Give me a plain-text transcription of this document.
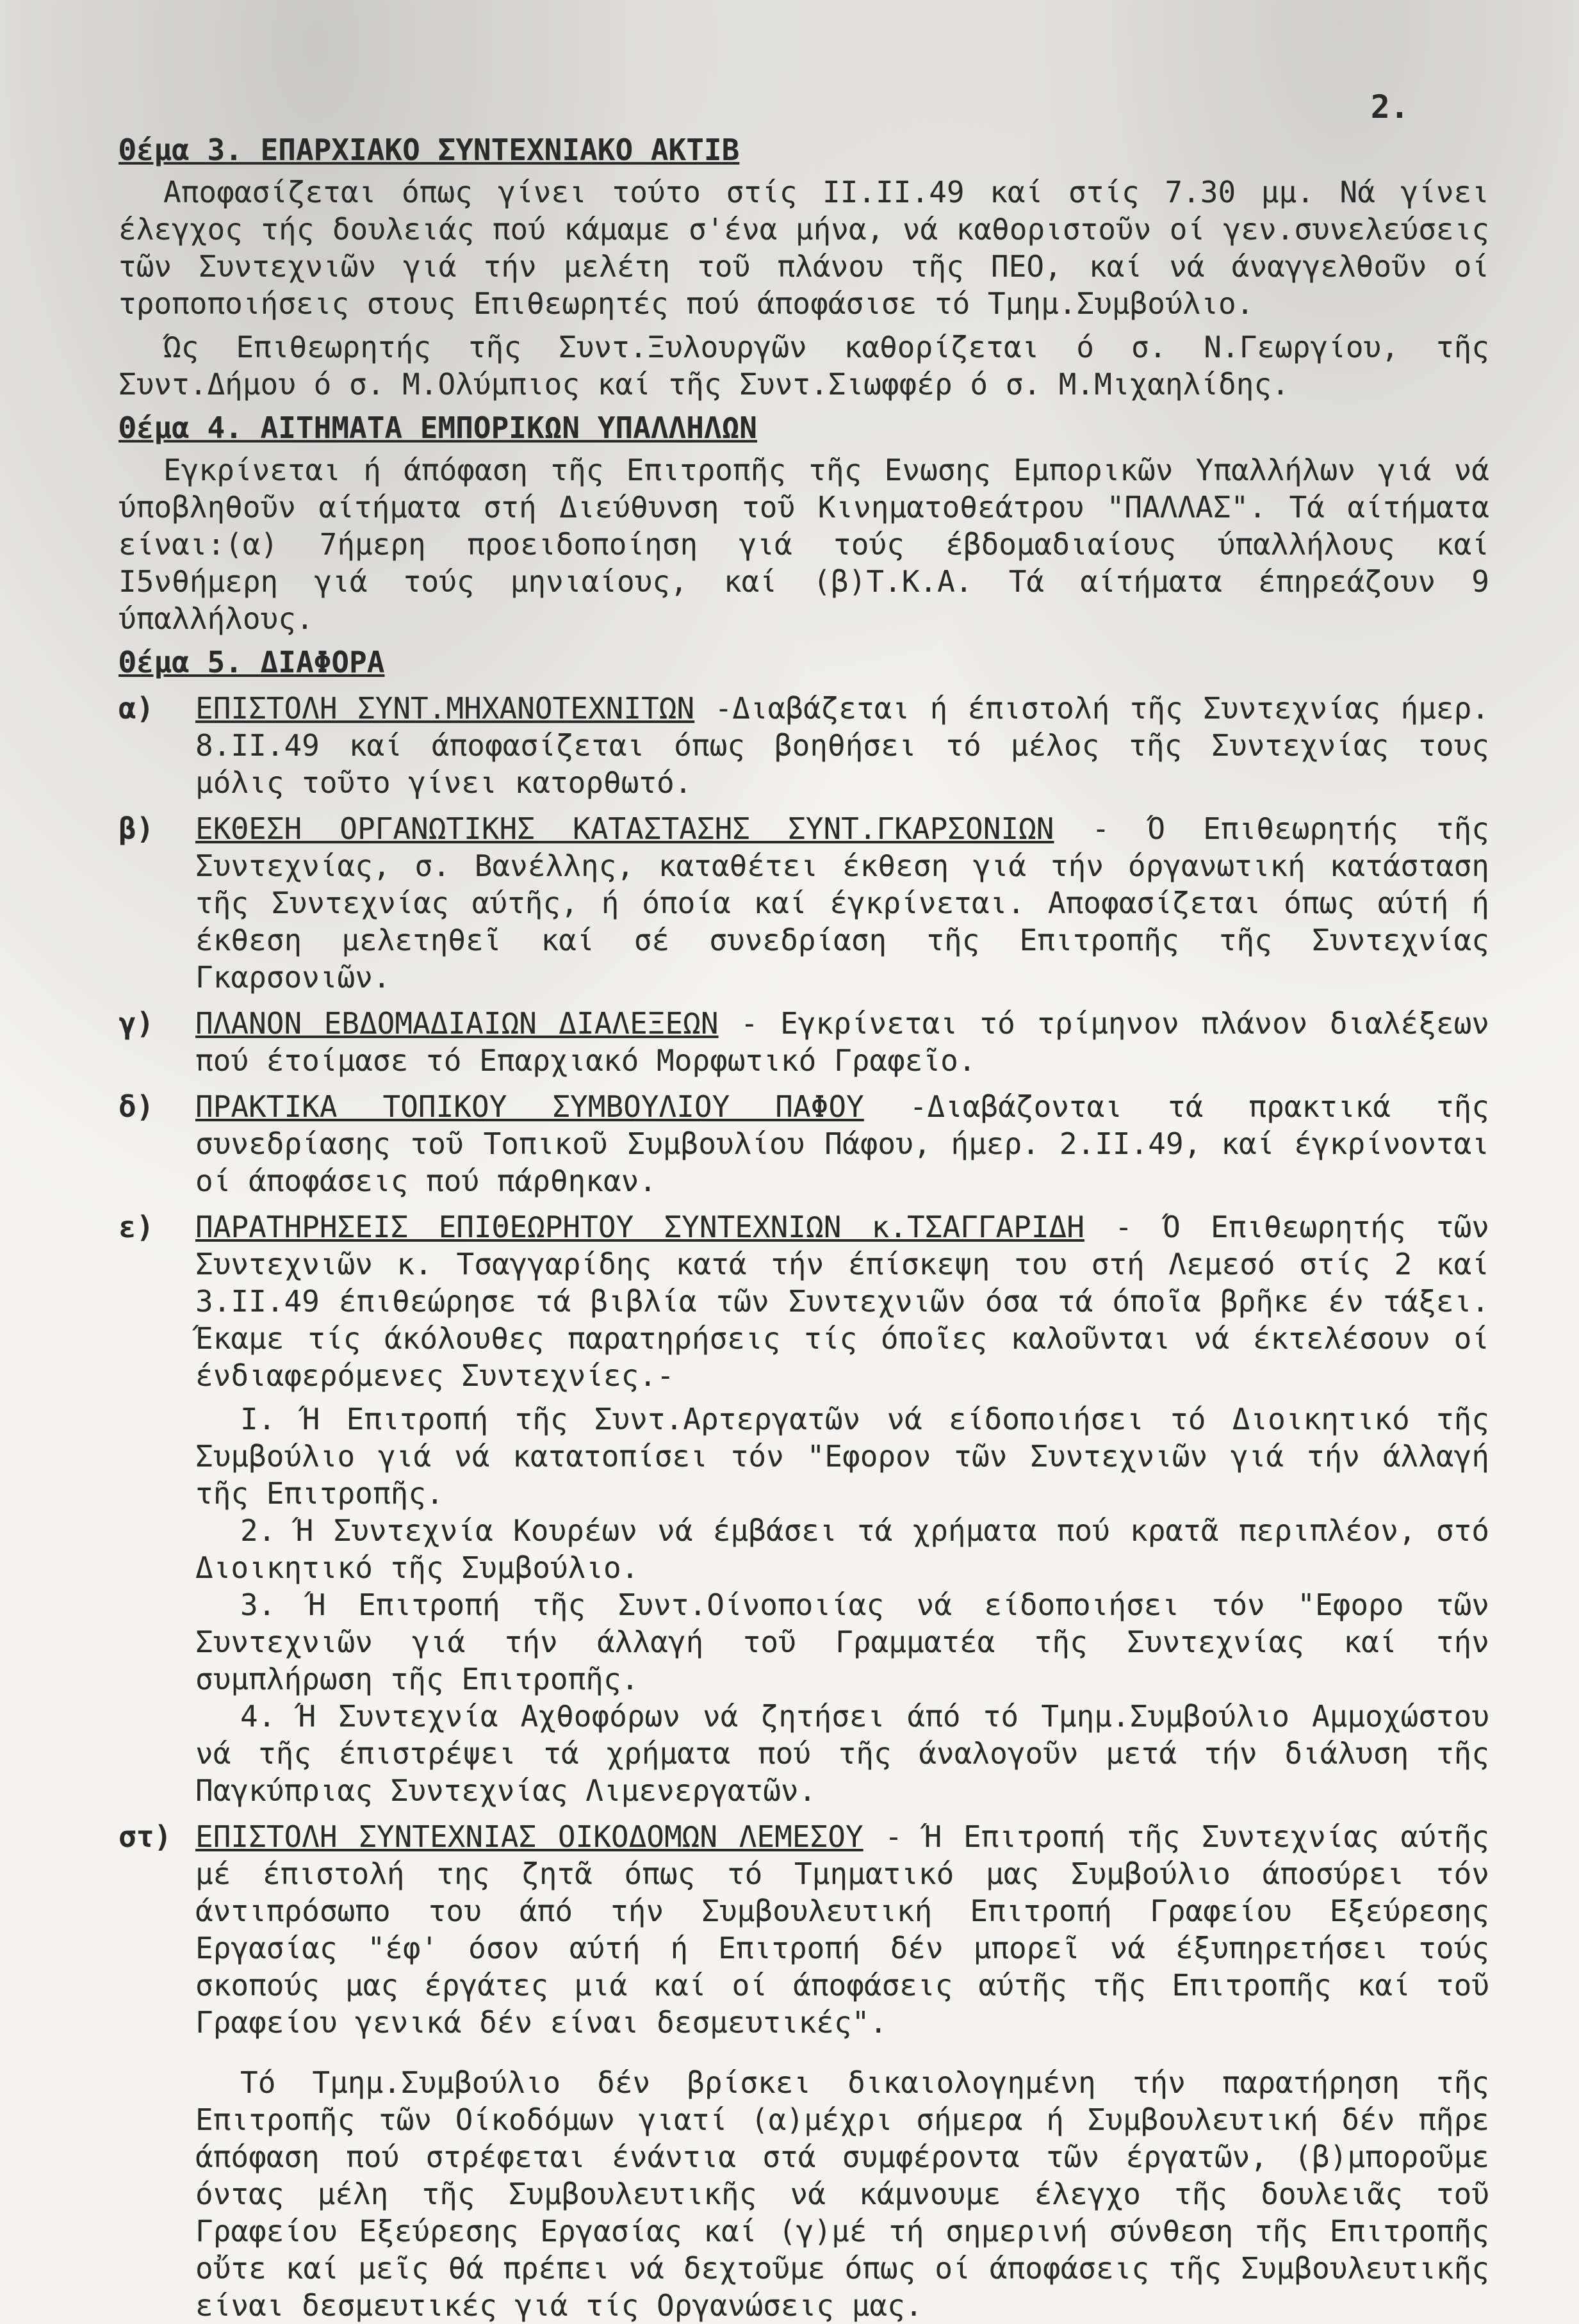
2.

Θέμα 3. ΕΠΑΡΧΙΑΚΟ ΣΥΝΤΕΧΝΙΑΚΟ ΑΚΤΙΒ

Αποφασίζεται όπως γίνει τούτο στίς ΙΙ.ΙΙ.49 καί στίς 7.30 μμ. Νά γίνει έλεγχος τής δουλειάς πού κάμαμε σ'ένα μήνα, νά καθοριστοῦν οί γεν.συνελεύσεις τῶν Συντεχνιῶν γιά τήν μελέτη τοῦ πλάνου τῆς ΠΕΟ, καί νά άναγγελθοῦν οί τροποποιήσεις στους Επιθεωρητές πού άποφάσισε τό Τμημ.Συμβούλιο.

Ώς Επιθεωρητής τῆς Συντ.Ξυλουργῶν καθορίζεται ό σ. Ν.Γεωργίου, τῆς Συντ.Δήμου ό σ. Μ.Ολύμπιος καί τῆς Συντ.Σιωφφέρ ό σ. Μ.Μιχαηλίδης.

Θέμα 4. ΑΙΤΗΜΑΤΑ ΕΜΠΟΡΙΚΩΝ ΥΠΑΛΛΗΛΩΝ

Εγκρίνεται ή άπόφαση τῆς Επιτροπῆς τῆς Ενωσης Εμπορικῶν Υπαλλήλων γιά νά ύποβληθοῦν αίτήματα στή Διεύθυνση τοῦ Κινηματοθεάτρου "ΠΑΛΛΑΣ". Τά αίτήματα είναι:(α) 7ήμερη προειδοποίηση γιά τούς έβδομαδιαίους ύπαλλήλους καί Ι5νθήμερη γιά τούς μηνιαίους, καί (β)Τ.Κ.Α. Τά αίτήματα έπηρεάζουν 9 ύπαλλήλους.

Θέμα 5. ΔΙΑΦΟΡΑ

α)	ΕΠΙΣΤΟΛΗ ΣΥΝΤ.ΜΗΧΑΝΟΤΕΧΝΙΤΩΝ -Διαβάζεται ή έπιστολή τῆς Συντεχνίας ήμερ. 8.ΙΙ.49 καί άποφασίζεται όπως βοηθήσει τό μέλος τῆς Συντεχνίας τους μόλις τοῦτο γίνει κατορθωτό.
β)	ΕΚΘΕΣΗ ΟΡΓΑΝΩΤΙΚΗΣ ΚΑΤΑΣΤΑΣΗΣ ΣΥΝΤ.ΓΚΑΡΣΟΝΙΩΝ - Ό Επιθεωρητής τῆς Συντεχνίας, σ. Βανέλλης, καταθέτει έκθεση γιά τήν όργανωτική κατάσταση τῆς Συντεχνίας αύτῆς, ή όποία καί έγκρίνεται. Αποφασίζεται όπως αύτή ή έκθεση μελετηθεῖ καί σέ συνεδρίαση τῆς Επιτροπῆς τῆς Συντεχνίας Γκαρσονιῶν.
γ)	ΠΛΑΝΟΝ ΕΒΔΟΜΑΔΙΑΙΩΝ ΔΙΑΛΕΞΕΩΝ - Εγκρίνεται τό τρίμηνον πλάνον διαλέξεων πού έτοίμασε τό Επαρχιακό Μορφωτικό Γραφεῖο.
δ)	ΠΡΑΚΤΙΚΑ ΤΟΠΙΚΟΥ ΣΥΜΒΟΥΛΙΟΥ ΠΑΦΟΥ -Διαβάζονται τά πρακτικά τῆς συνεδρίασης τοῦ Τοπικοῦ Συμβουλίου Πάφου, ήμερ. 2.ΙΙ.49, καί έγκρίνονται οί άποφάσεις πού πάρθηκαν.
ε)	ΠΑΡΑΤΗΡΗΣΕΙΣ ΕΠΙΘΕΩΡΗΤΟΥ ΣΥΝΤΕΧΝΙΩΝ κ.ΤΣΑΓΓΑΡΙΔΗ - Ό Επιθεωρητής τῶν Συντεχνιῶν κ. Τσαγγαρίδης κατά τήν έπίσκεψη του στή Λεμεσό στίς 2 καί 3.ΙΙ.49 έπιθεώρησε τά βιβλία τῶν Συντεχνιῶν όσα τά όποῖα βρῆκε έν τάξει. Έκαμε τίς άκόλουθες παρατηρήσεις τίς όποῖες καλοῦνται νά έκτελέσουν οί ένδιαφερόμενες Συντεχνίες.-

Ι. Ή Επιτροπή τῆς Συντ.Αρτεργατῶν νά είδοποιήσει τό Διοικητικό τῆς Συμβούλιο γιά νά κατατοπίσει τόν "Εφορον τῶν Συντεχνιῶν γιά τήν άλλαγή τῆς Επιτροπῆς.

2. Ή Συντεχνία Κουρέων νά έμβάσει τά χρήματα πού κρατᾶ περιπλέον, στό Διοικητικό τῆς Συμβούλιο.

3. Ή Επιτροπή τῆς Συντ.Οίνοποιίας νά είδοποιήσει τόν "Εφορο τῶν Συντεχνιῶν γιά τήν άλλαγή τοῦ Γραμματέα τῆς Συντεχνίας καί τήν συμπλήρωση τῆς Επιτροπῆς.

4. Ή Συντεχνία Αχθοφόρων νά ζητήσει άπό τό Τμημ.Συμβούλιο Αμμοχώστου νά τῆς έπιστρέψει τά χρήματα πού τῆς άναλογοῦν μετά τήν διάλυση τῆς Παγκύπριας Συντεχνίας Λιμενεργατῶν.

στ) ΕΠΙΣΤΟΛΗ ΣΥΝΤΕΧΝΙΑΣ ΟΙΚΟΔΟΜΩΝ ΛΕΜΕΣΟΥ - Ή Επιτροπή τῆς Συντεχνίας αύτῆς μέ έπιστολή της ζητᾶ όπως τό Τμηματικό μας Συμβούλιο άποσύρει τόν άντιπρόσωπο του άπό τήν Συμβουλευτική Επιτροπή Γραφείου Εξεύρεσης Εργασίας "έφ' όσον αύτή ή Επιτροπή δέν μπορεῖ νά έξυπηρετήσει τούς σκοπούς μας έργάτες μιά καί οί άποφάσεις αύτῆς τῆς Επιτροπῆς καί τοῦ Γραφείου γενικά δέν είναι δεσμευτικές".

Τό Τμημ.Συμβούλιο δέν βρίσκει δικαιολογημένη τήν παρατήρηση τῆς Επιτροπῆς τῶν Οίκοδόμων γιατί (α)μέχρι σήμερα ή Συμβουλευτική δέν πῆρε άπόφαση πού στρέφεται ένάντια στά συμφέροντα τῶν έργατῶν, (β)μποροῦμε όντας μέλη τῆς Συμβουλευτικῆς νά κάμνουμε έλεγχο τῆς δουλειᾶς τοῦ Γραφείου Εξεύρεσης Εργασίας καί (γ)μέ τή σημερινή σύνθεση τῆς Επιτροπῆς οὔτε καί μεῖς θά πρέπει νά δεχτοῦμε όπως οί άποφάσεις τῆς Συμβουλευτικῆς είναι δεσμευτικές γιά τίς Οργανώσεις μας.
